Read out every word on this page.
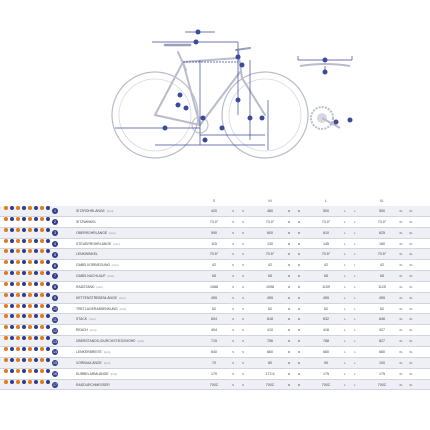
S	M	L	XL
1	SITZROHRLÄNGE (mm)	420	460	500	550
2	SITZWINKEL	73.0°	73.0°	73.0°	73.0°
3	OBERROHRLÄNGE (mm)	590	600	610	625
4	STEUERROHRLÄNGE (mm)	115	130	145	160
5	LENKWINKEL	70.5°	70.5°	70.5°	70.5°
6	GABELVORBIEGUNG (mm)	42	42	42	42
7	GABELNACHLAUF (mm)	65	65	65	65
8	RADSTAND (mm)	1088	1098	1109	1125
9	KETTENSTREBENLÄNGE (mm)	455	455	455	455
10	TRETLAGERABSENKUNG (mm)	62	62	62	62
11	STACK (mm)	604	618	632	646
12	REACH (mm)	404	410	416	427
13	ÜBERSTANDS-/DURCHSTIEGSHÖHE (mm)	715	756	788	827
14	LENKERBREITE (mm)	640	660	680	680
15	VORBAULÄNGE (mm)	70	80	90	100
16	KURBELARMLÄNGE (mm)	170	172.5	175	175
17	RADDURCHMESSER	700C	700C	700C	700C
S
S
S
S
S
S
S
S
S
S
S
S
S
S
S
S
S
S
S
S
S
S
S
S
S
S
S
S
S
S
S
S
S
S
M
M
M
M
M
M
M
M
M
M
M
M
M
M
M
M
M
M
M
M
M
M
M
M
M
M
M
M
M
M
M
M
M
M
L
L
L
L
L
L
L
L
L
L
L
L
L
L
L
L
L
L
L
L
L
L
L
L
L
L
L
L
L
L
L
L
L
L
XL
XL
XL
XL
XL
XL
XL
XL
XL
XL
XL
XL
XL
XL
XL
XL
XL
XL
XL
XL
XL
XL
XL
XL
XL
XL
XL
XL
XL
XL
XL
XL
XL
XL
